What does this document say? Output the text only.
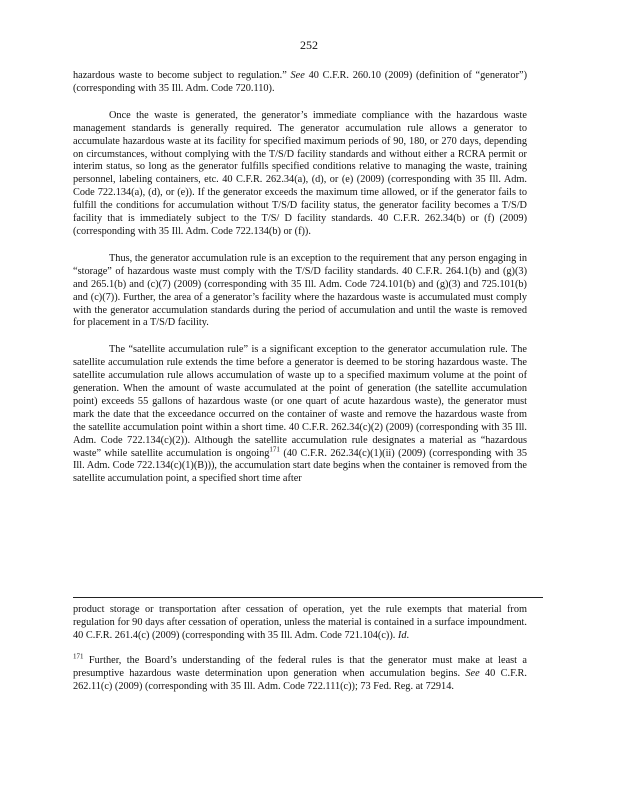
252

hazardous waste to become subject to regulation.” See 40 C.F.R. 260.10 (2009) (definition of “generator”) (corresponding with 35 Ill. Adm. Code 720.110).

Once the waste is generated, the generator’s immediate compliance with the hazardous waste management standards is generally required. The generator accumulation rule allows a generator to accumulate hazardous waste at its facility for specified maximum periods of 90, 180, or 270 days, depending on circumstances, without complying with the T/S/D facility standards and without either a RCRA permit or interim status, so long as the generator fulfills specified conditions relative to managing the waste, training personnel, labeling containers, etc. 40 C.F.R. 262.34(a), (d), or (e) (2009) (corresponding with 35 Ill. Adm. Code 722.134(a), (d), or (e)). If the generator exceeds the maximum time allowed, or if the generator fails to fulfill the conditions for accumulation without T/S/D facility status, the generator facility becomes a T/S/D facility that is immediately subject to the T/S/ D facility standards. 40 C.F.R. 262.34(b) or (f) (2009) (corresponding with 35 Ill. Adm. Code 722.134(b) or (f)).

Thus, the generator accumulation rule is an exception to the requirement that any person engaging in “storage” of hazardous waste must comply with the T/S/D facility standards. 40 C.F.R. 264.1(b) and (g)(3) and 265.1(b) and (c)(7) (2009) (corresponding with 35 Ill. Adm. Code 724.101(b) and (g)(3) and 725.101(b) and (c)(7)). Further, the area of a generator’s facility where the hazardous waste is accumulated must comply with the generator accumulation standards during the period of accumulation and until the waste is removed for placement in a T/S/D facility.

The “satellite accumulation rule” is a significant exception to the generator accumulation rule. The satellite accumulation rule extends the time before a generator is deemed to be storing hazardous waste. The satellite accumulation rule allows accumulation of waste up to a specified maximum volume at the point of generation. When the amount of waste accumulated at the point of generation (the satellite accumulation point) exceeds 55 gallons of hazardous waste (or one quart of acute hazardous waste), the generator must mark the date that the exceedance occurred on the container of waste and remove the hazardous waste from the satellite accumulation point within a short time. 40 C.F.R. 262.34(c)(2) (2009) (corresponding with 35 Ill. Adm. Code 722.134(c)(2)). Although the satellite accumulation rule designates a material as “hazardous waste” while satellite accumulation is ongoing$^{171}$ (40 C.F.R. 262.34(c)(1)(ii) (2009) (corresponding with 35 Ill. Adm. Code 722.134(c)(1)(B))), the accumulation start date begins when the container is removed from the satellite accumulation point, a specified short time after

product storage or transportation after cessation of operation, yet the rule exempts that material from regulation for 90 days after cessation of operation, unless the material is contained in a surface impoundment. 40 C.F.R. 261.4(c) (2009) (corresponding with 35 Ill. Adm. Code 721.104(c)). Id.

$^{171}$ Further, the Board’s understanding of the federal rules is that the generator must make at least a presumptive hazardous waste determination upon generation when accumulation begins. See 40 C.F.R. 262.11(c) (2009) (corresponding with 35 Ill. Adm. Code 722.111(c)); 73 Fed. Reg. at 72914.
